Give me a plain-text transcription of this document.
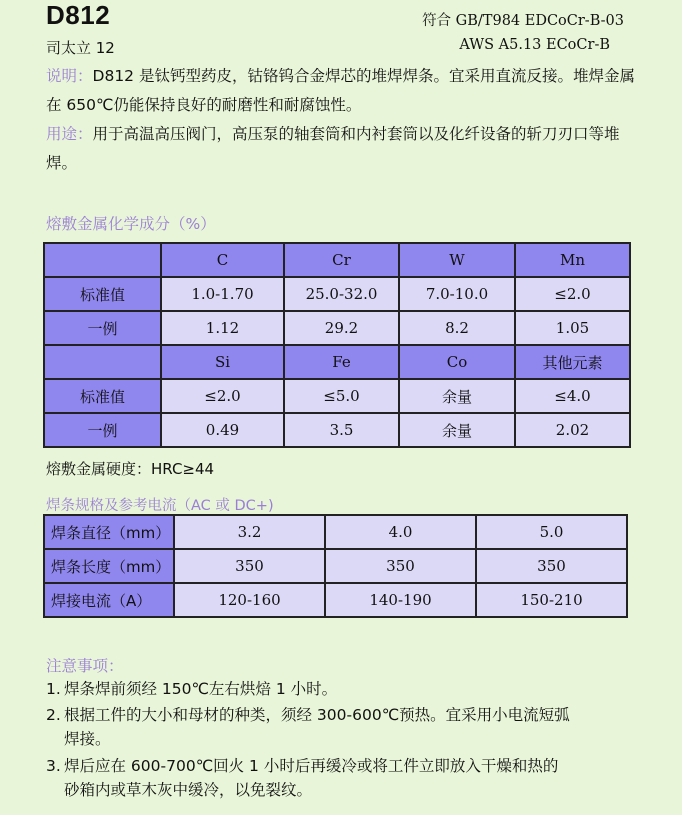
D812	符合 GB/T984 EDCoCr-B-03
司太立 12	AWS A5.13 ECoCr-B
说明：D812 是钛钙型药皮，钴铬钨合金焊芯的堆焊焊条。宜采用直流反接。堆焊金属在 650℃仍能保持良好的耐磨性和耐腐蚀性。
用途：用于高温高压阀门，高压泵的轴套筒和内衬套筒以及化纤设备的斩刀刃口等堆焊。
熔敷金属化学成分（%）
	C	Cr	W	Mn
标准值	1.0-1.70	25.0-32.0	7.0-10.0	≤2.0
一例	1.12	29.2	8.2	1.05
	Si	Fe	Co	其他元素
标准值	≤2.0	≤5.0	余量	≤4.0
一例	0.49	3.5	余量	2.02
熔敷金属硬度：HRC≥44
焊条规格及参考电流（AC 或 DC+)
焊条直径（mm）	3.2	4.0	5.0
焊条长度（mm）	350	350	350
焊接电流（A）	120-160	140-190	150-210
注意事项：
1. 焊条焊前须经 150℃左右烘焙 1 小时。
2. 根据工件的大小和母材的种类，须经 300-600℃预热。宜采用小电流短弧
焊接。
3. 焊后应在 600-700℃回火 1 小时后再缓冷或将工件立即放入干燥和热的
砂箱内或草木灰中缓冷，以免裂纹。
